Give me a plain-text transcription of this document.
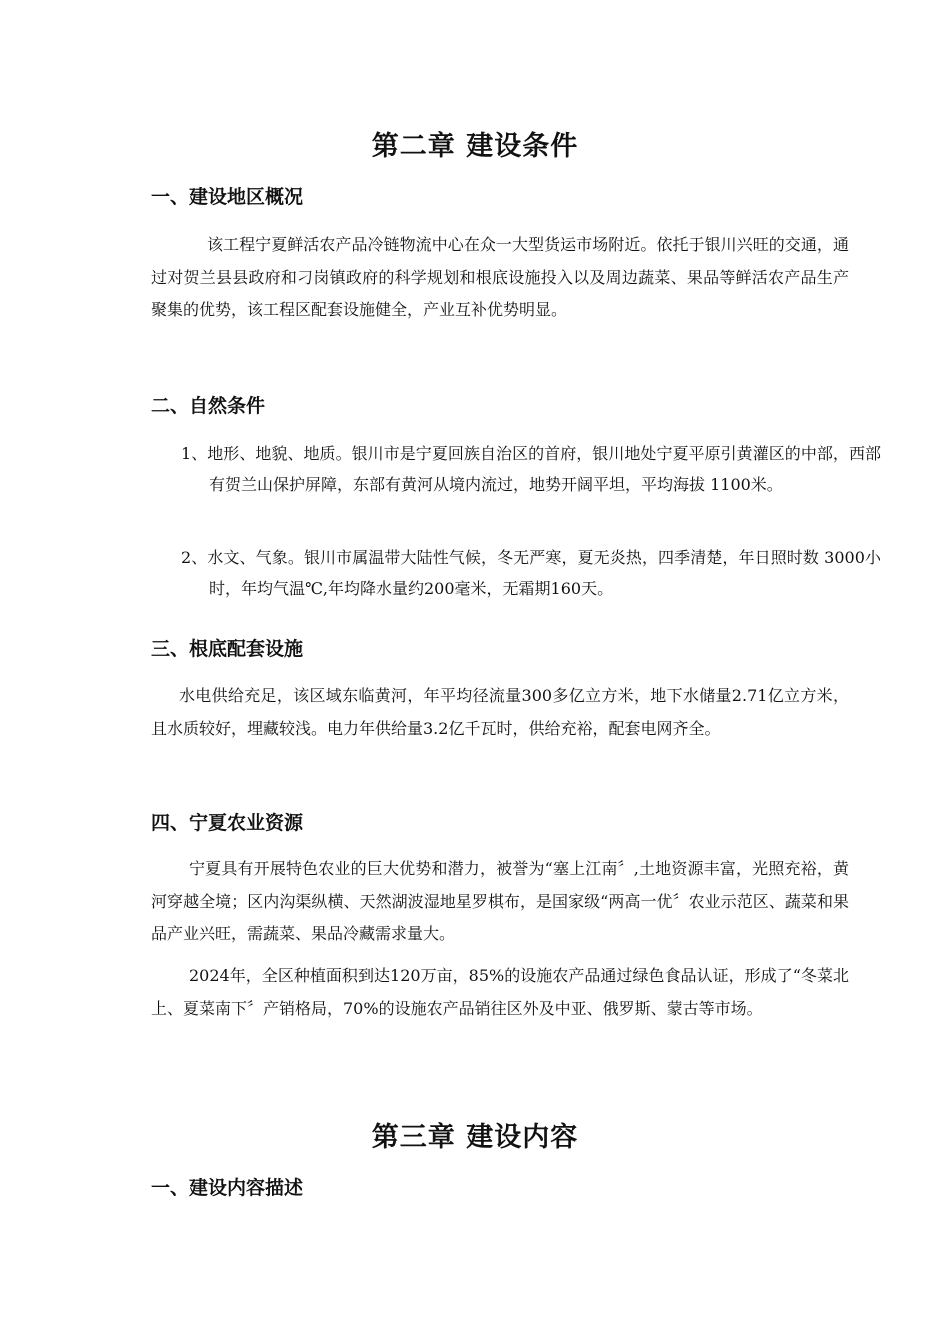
第二章 建设条件
一、建设地区概况

该工程宁夏鲜活农产品冷链物流中心在众一大型货运市场附近。依托于银川兴旺的交通，通过对贺兰县县政府和刁岗镇政府的科学规划和根底设施投入以及周边蔬菜、果品等鲜活农产品生产聚集的优势，该工程区配套设施健全，产业互补优势明显。

二、自然条件

1、地形、地貌、地质。银川市是宁夏回族自治区的首府，银川地处宁夏平原引黄灌区的中部，西部有贺兰山保护屏障，东部有黄河从境内流过，地势开阔平坦，平均海拔 1100米。

2、水文、气象。银川市属温带大陆性气候，冬无严寒，夏无炎热，四季清楚，年日照时数 3000小时，年均气温℃,年均降水量约200毫米，无霜期160天。

三、根底配套设施

水电供给充足，该区域东临黄河，年平均径流量300多亿立方米，地下水储量2.71亿立方米，且水质较好，埋藏较浅。电力年供给量3.2亿千瓦时，供给充裕，配套电网齐全。

四、宁夏农业资源

宁夏具有开展特色农业的巨大优势和潜力，被誉为“塞上江南〞,土地资源丰富，光照充裕，黄河穿越全境；区内沟渠纵横、天然湖波湿地星罗棋布，是国家级“两高一优〞农业示范区、蔬菜和果品产业兴旺，需蔬菜、果品冷藏需求量大。

2024年，全区种植面积到达120万亩，85%的设施农产品通过绿色食品认证，形成了“冬菜北上、夏菜南下〞产销格局，70%的设施农产品销往区外及中亚、俄罗斯、蒙古等市场。

第三章 建设内容
一、建设内容描述
